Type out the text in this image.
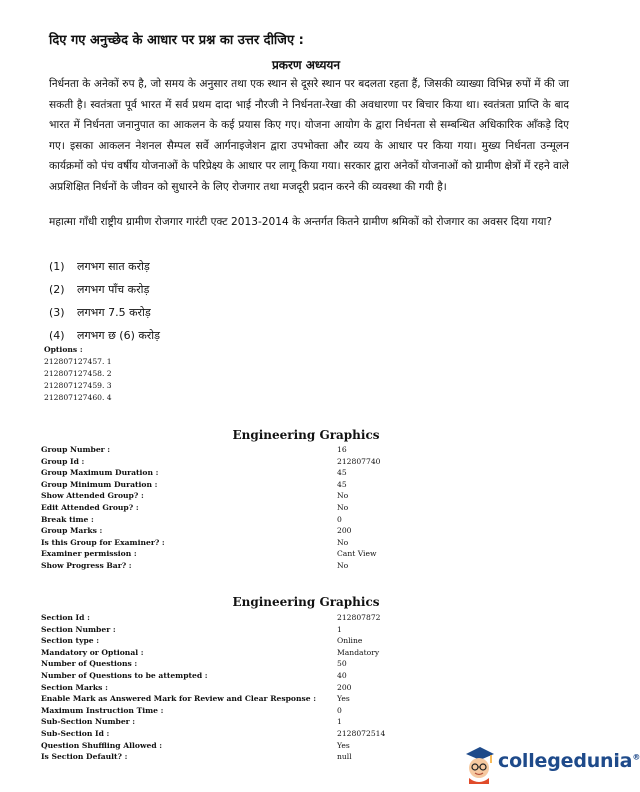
दिए गए अनुच्छेद के आधार पर प्रश्न का उत्तर दीजिए :
प्रकरण अध्ययन
निर्धनता के अनेकों रुप है, जो समय के अनुसार तथा एक स्थान से दूसरे स्थान पर बदलता रहता हैं, जिसकी व्याख्या विभिन्न रुपों में की जा सकती है। स्वतंत्रता पूर्व भारत में सर्व प्रथम दादा भाई नौरजी ने निर्धनता-रेखा की अवधारणा पर बिचार किया था। स्वतंत्रता प्राप्ति के बाद भारत में निर्धनता जनानुपात का आकलन के कई प्रयास किए गए। योजना आयोग के द्वारा निर्धनता से सम्बन्धित अधिकारिक आँकड़े दिए गए। इसका आकलन नेशनल सैम्पल सर्वे आर्गनाइजेशन द्वारा उपभोक्ता और व्यय के आधार पर किया गया। मुख्य निर्धनता उन्मूलन कार्यक्रमों को पंच वर्षीय योजनाओं के परिप्रेक्ष्य के आधार पर लागू किया गया। सरकार द्वारा अनेकों योजनाओं को ग्रामीण क्षेत्रों में रहने वाले अप्रशिक्षित निर्धनों के जीवन को सुधारने के लिए रोजगार तथा मजदूरी प्रदान करने की व्यवस्था की गयी है।
महात्मा गाँधी राष्ट्रीय ग्रामीण रोजगार गारंटी एक्ट 2013-2014 के अन्तर्गत कितने ग्रामीण श्रमिकों को रोजगार का अवसर दिया गया?
(1) लगभग सात करोड़
(2) लगभग पाँच करोड़
(3) लगभग 7.5 करोड़
(4) लगभग छ (6) करोड़
Options :
212807127457. 1
212807127458. 2
212807127459. 3
212807127460. 4
Engineering Graphics
Group Number :	16
Group Id :	212807740
Group Maximum Duration :	45
Group Minimum Duration :	45
Show Attended Group? :	No
Edit Attended Group? :	No
Break time :	0
Group Marks :	200
Is this Group for Examiner? :	No
Examiner permission :	Cant View
Show Progress Bar? :	No
Engineering Graphics
Section Id :	212807872
Section Number :	1
Section type :	Online
Mandatory or Optional :	Mandatory
Number of Questions :	50
Number of Questions to be attempted :	40
Section Marks :	200
Enable Mark as Answered Mark for Review and Clear Response :	Yes
Maximum Instruction Time :	0
Sub-Section Number :	1
Sub-Section Id :	2128072514
Question Shuffling Allowed :	Yes
Is Section Default? :	null	collegedunia®
